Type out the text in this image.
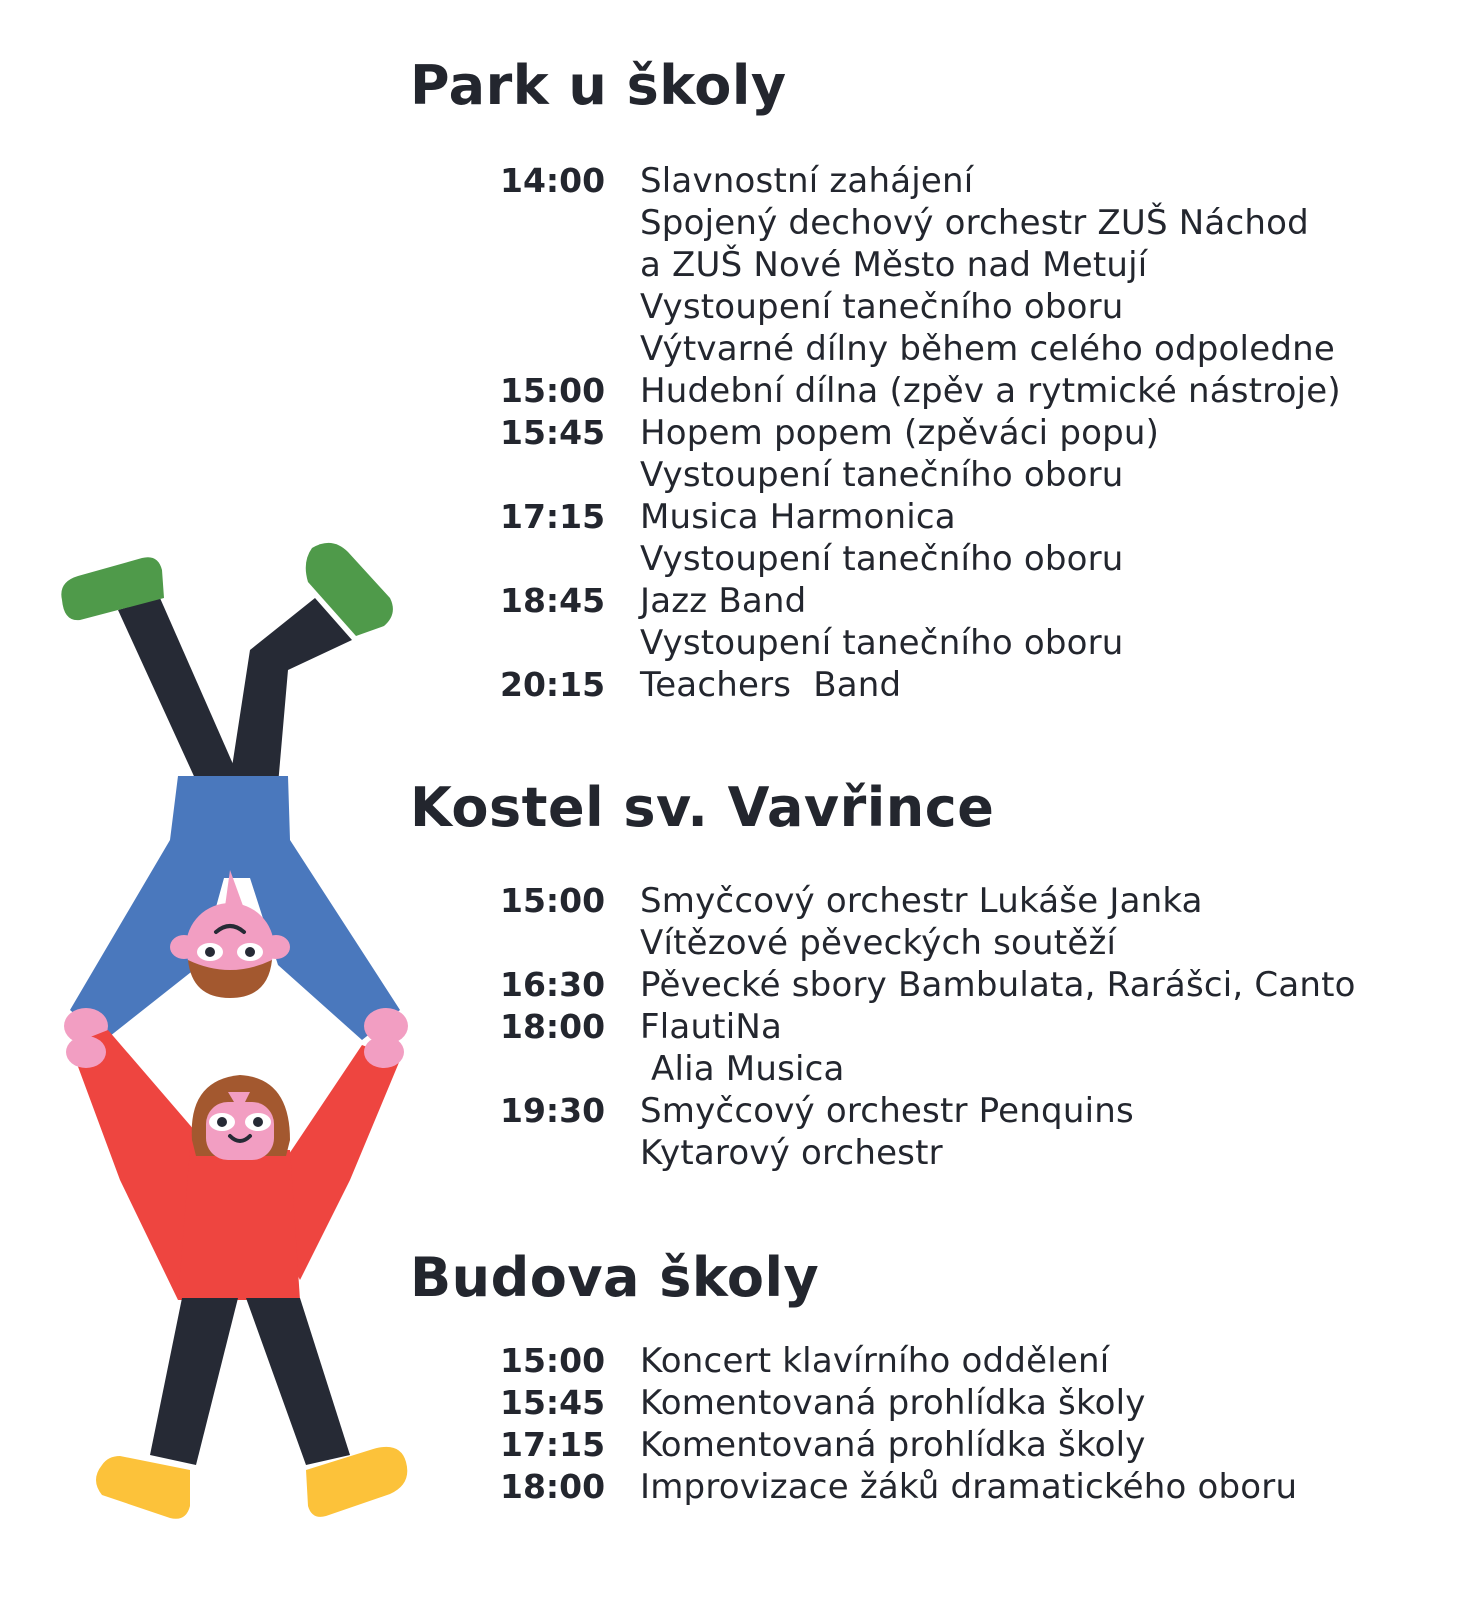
Park u školy
14:00	Slavnostní zahájení
Spojený dechový orchestr ZUŠ Náchod
a ZUŠ Nové Město nad Metují
Vystoupení tanečního oboru
Výtvarné dílny během celého odpoledne
15:00	Hudební dílna (zpěv a rytmické nástroje)
15:45	Hopem popem (zpěváci popu)
Vystoupení tanečního oboru
17:15	Musica Harmonica
Vystoupení tanečního oboru
18:45	Jazz Band
Vystoupení tanečního oboru
20:15	Teachers  Band
Kostel sv. Vavřince
15:00	Smyčcový orchestr Lukáše Janka
Vítězové pěveckých soutěží
16:30	Pěvecké sbory Bambulata, Rarášci, Canto
18:00	FlautiNa
Alia Musica
19:30	Smyčcový orchestr Penquins
Kytarový orchestr
Budova školy
15:00	Koncert klavírního oddělení
15:45	Komentovaná prohlídka školy
17:15	Komentovaná prohlídka školy
18:00	Improvizace žáků dramatického oboru
